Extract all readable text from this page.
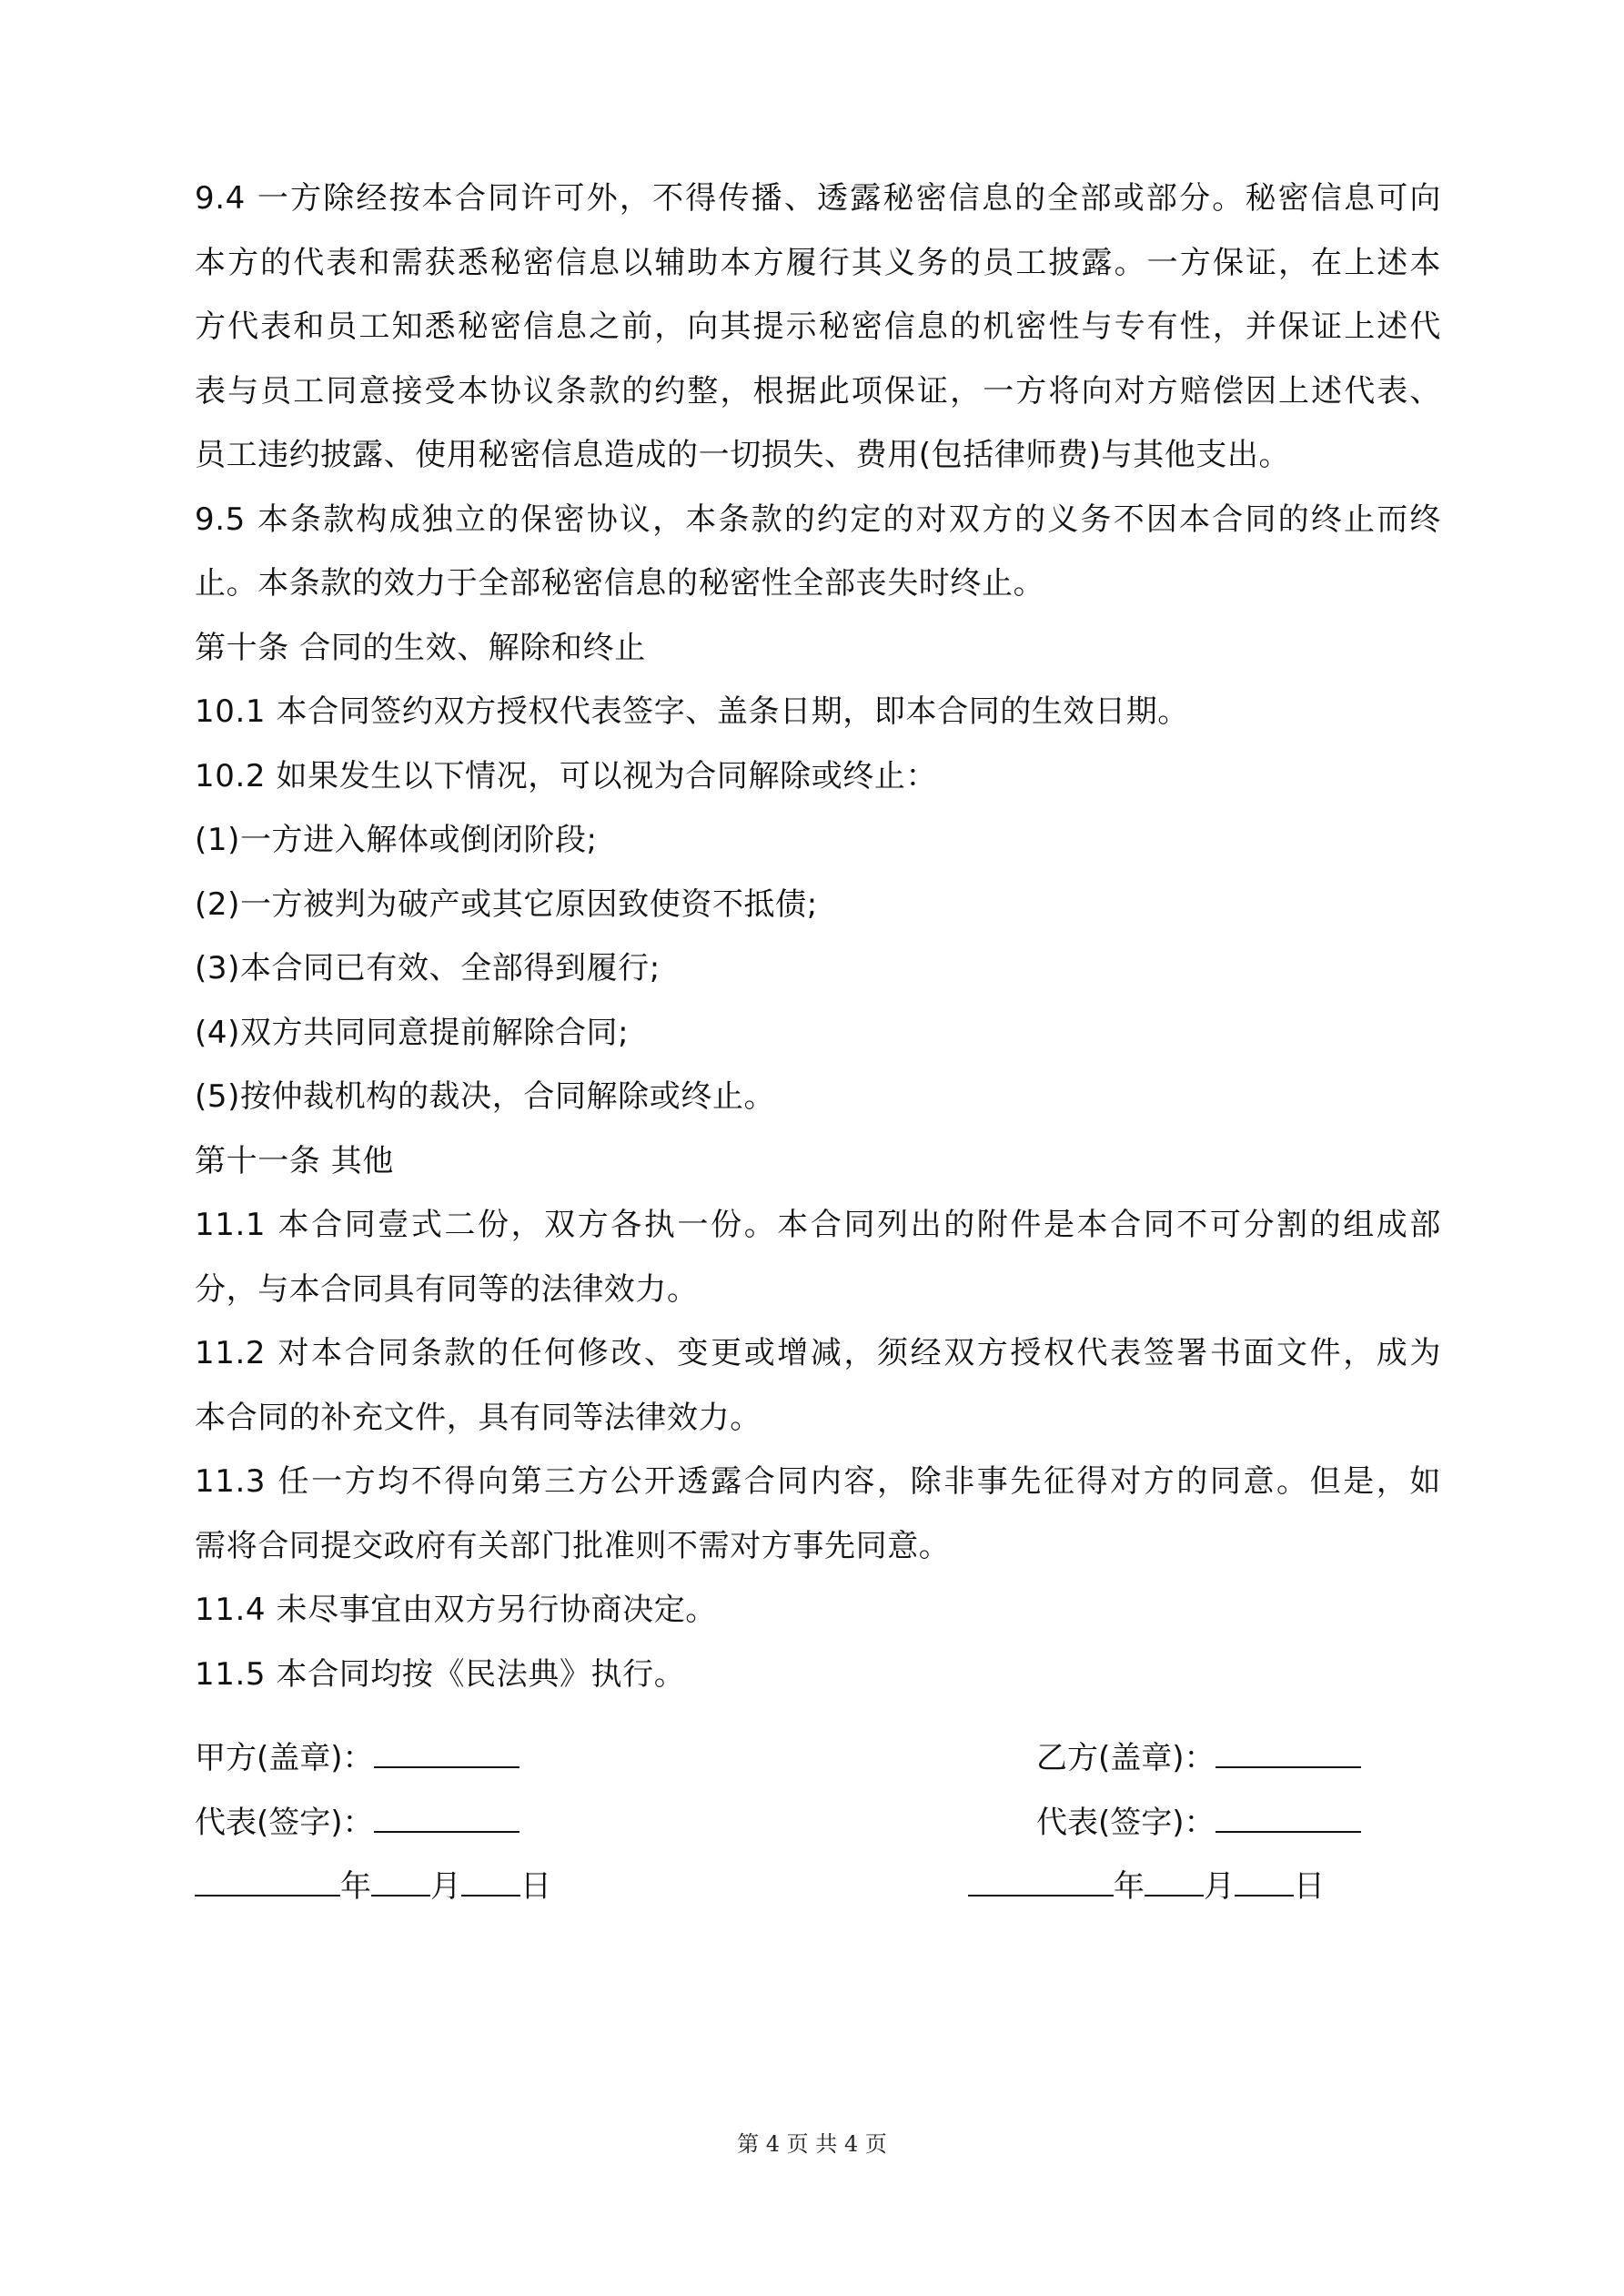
9.4 一方除经按本合同许可外，不得传播、透露秘密信息的全部或部分。秘密信息可向
本方的代表和需获悉秘密信息以辅助本方履行其义务的员工披露。一方保证，在上述本
方代表和员工知悉秘密信息之前，向其提示秘密信息的机密性与专有性，并保证上述代
表与员工同意接受本协议条款的约整，根据此项保证，一方将向对方赔偿因上述代表、
员工违约披露、使用秘密信息造成的一切损失、费用(包括律师费)与其他支出。
9.5 本条款构成独立的保密协议，本条款的约定的对双方的义务不因本合同的终止而终
止。本条款的效力于全部秘密信息的秘密性全部丧失时终止。
第十条 合同的生效、解除和终止
10.1 本合同签约双方授权代表签字、盖条日期，即本合同的生效日期。
10.2 如果发生以下情况，可以视为合同解除或终止：
(1)一方进入解体或倒闭阶段;
(2)一方被判为破产或其它原因致使资不抵债;
(3)本合同已有效、全部得到履行;
(4)双方共同同意提前解除合同;
(5)按仲裁机构的裁决，合同解除或终止。
第十一条 其他
11.1 本合同壹式二份，双方各执一份。本合同列出的附件是本合同不可分割的组成部
分，与本合同具有同等的法律效力。
11.2 对本合同条款的任何修改、变更或增减，须经双方授权代表签署书面文件，成为
本合同的补充文件，具有同等法律效力。
11.3 任一方均不得向第三方公开透露合同内容，除非事先征得对方的同意。但是，如
需将合同提交政府有关部门批准则不需对方事先同意。
11.4 未尽事宜由双方另行协商决定。
11.5 本合同均按《民法典》执行。
甲方(盖章)：	乙方(盖章)：
代表(签字)：	代表(签字)：
年 月 日	年 月 日
第 4 页 共 4 页
